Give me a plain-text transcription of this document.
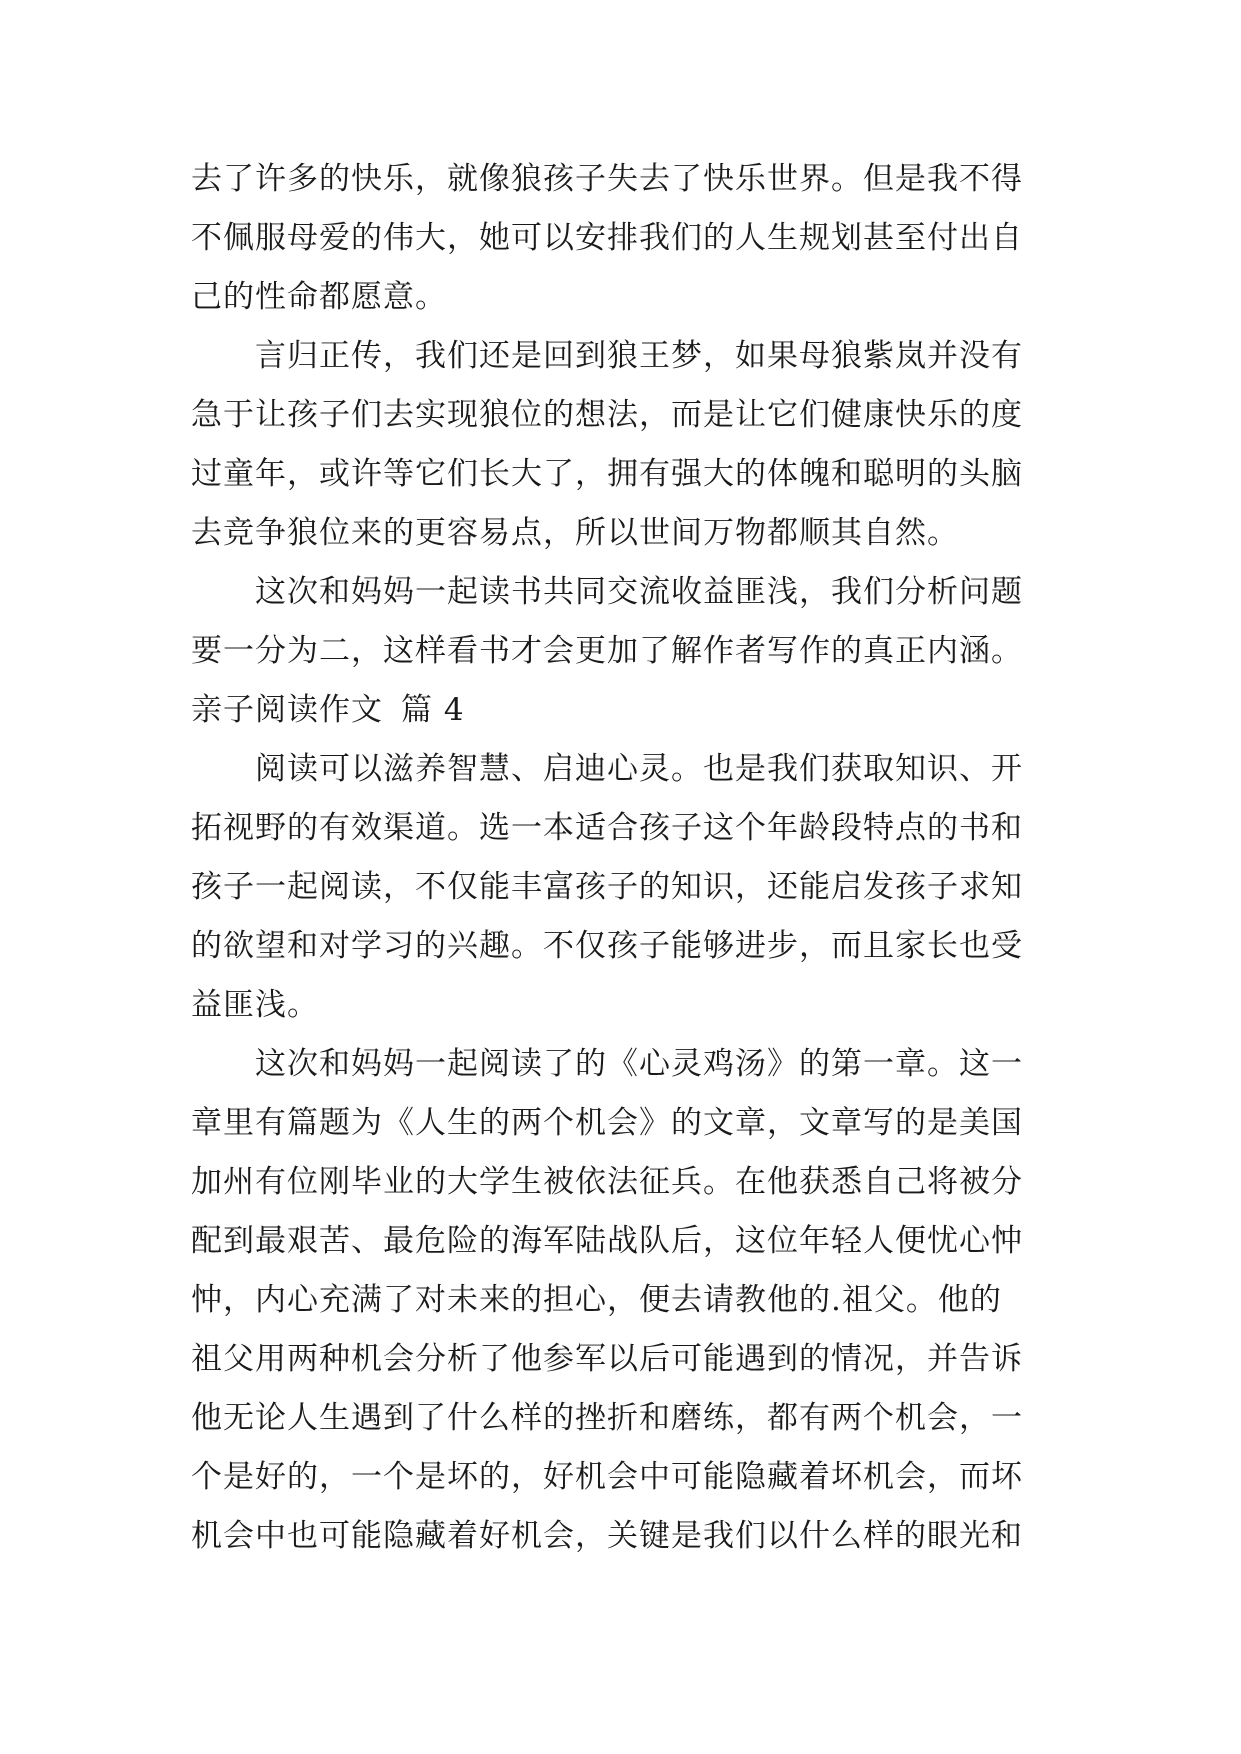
去了许多的快乐，就像狼孩子失去了快乐世界。但是我不得
不佩服母爱的伟大，她可以安排我们的人生规划甚至付出自
己的性命都愿意。
言归正传，我们还是回到狼王梦，如果母狼紫岚并没有
急于让孩子们去实现狼位的想法，而是让它们健康快乐的度
过童年，或许等它们长大了，拥有强大的体魄和聪明的头脑
去竞争狼位来的更容易点，所以世间万物都顺其自然。
这次和妈妈一起读书共同交流收益匪浅，我们分析问题
要一分为二，这样看书才会更加了解作者写作的真正内涵。
亲子阅读作文 篇 4
阅读可以滋养智慧、启迪心灵。也是我们获取知识、开
拓视野的有效渠道。选一本适合孩子这个年龄段特点的书和
孩子一起阅读，不仅能丰富孩子的知识，还能启发孩子求知
的欲望和对学习的兴趣。不仅孩子能够进步，而且家长也受
益匪浅。
这次和妈妈一起阅读了的《心灵鸡汤》的第一章。这一
章里有篇题为《人生的两个机会》的文章，文章写的是美国
加州有位刚毕业的大学生被依法征兵。在他获悉自己将被分
配到最艰苦、最危险的海军陆战队后，这位年轻人便忧心忡
忡，内心充满了对未来的担心，便去请教他的.祖父。他的
祖父用两种机会分析了他参军以后可能遇到的情况，并告诉
他无论人生遇到了什么样的挫折和磨练，都有两个机会，一
个是好的，一个是坏的，好机会中可能隐藏着坏机会，而坏
机会中也可能隐藏着好机会，关键是我们以什么样的眼光和
